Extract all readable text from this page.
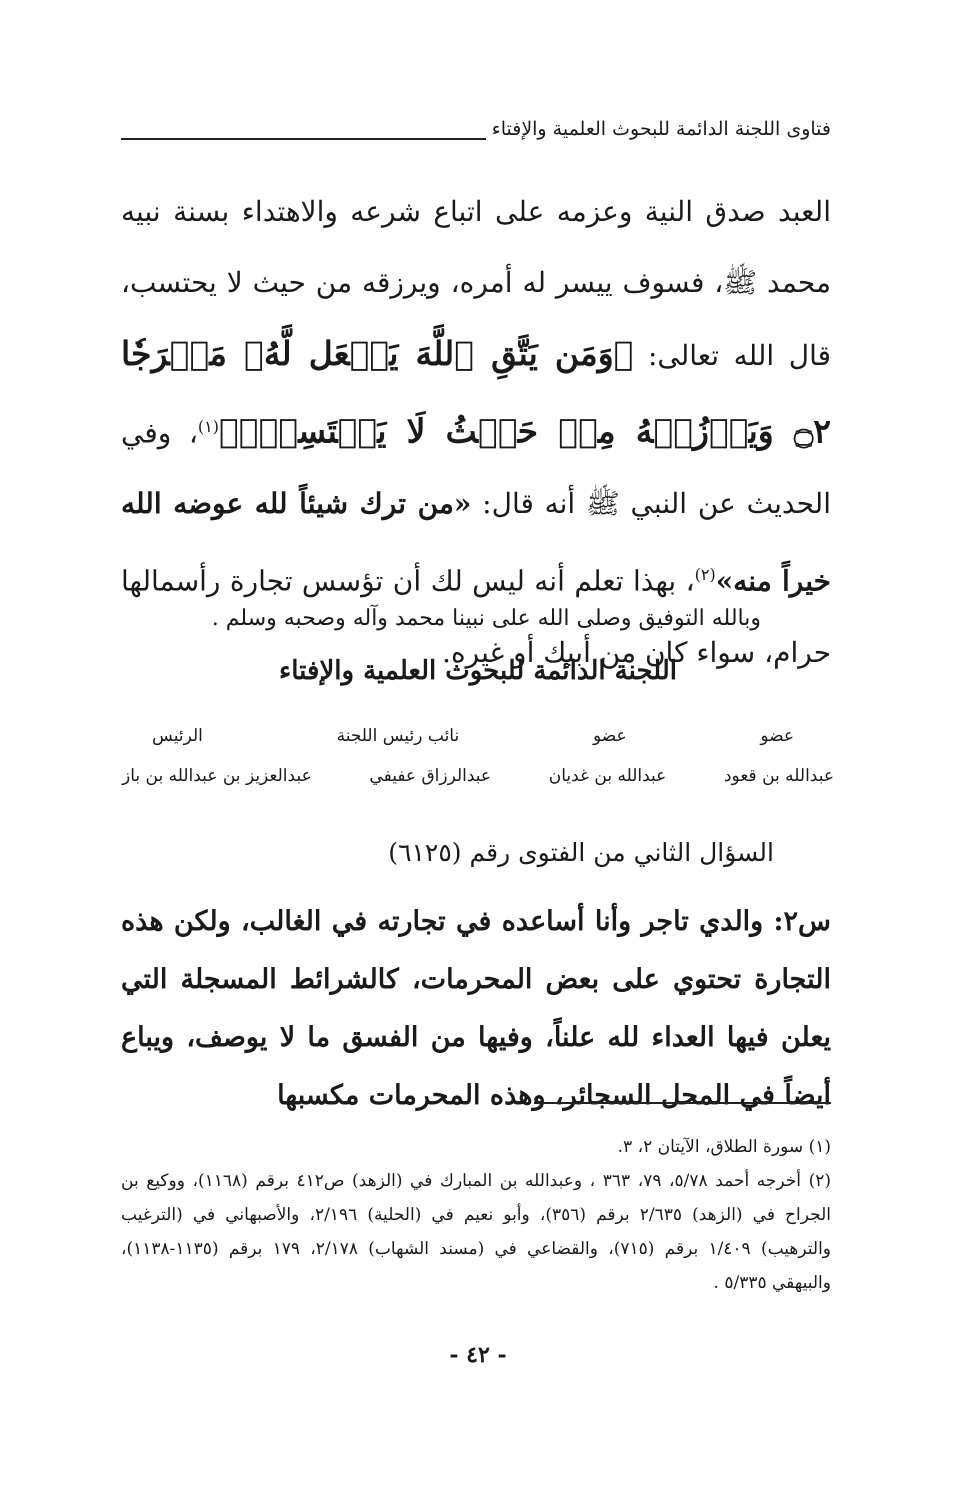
فتاوى اللجنة الدائمة للبحوث العلمية والإفتاء

العبد صدق النية وعزمه على اتباع شرعه والاهتداء بسنة نبيه محمد ﷺ، فسوف ييسر له أمره، ويرزقه من حيث لا يحتسب، قال الله تعالى: ﴿وَمَن يَتَّقِ ٱللَّهَ يَجۡعَل لَّهُۥ مَخۡرَجٗا ۝٢ وَيَرۡزُقۡهُ مِنۡ حَيۡثُ لَا يَحۡتَسِبُۚ﴾$^{(١)}$، وفي الحديث عن النبي ﷺ أنه قال: «من ترك شيئاً لله عوضه الله خيراً منه»$^{(٢)}$، بهذا تعلم أنه ليس لك أن تؤسس تجارة رأسمالها حرام، سواء كان من أبيك أو غيره.

وبالله التوفيق وصلى الله على نبينا محمد وآله وصحبه وسلم .
اللجنة الدائمة للبحوث العلمية والإفتاء
عضو
عضو
نائب رئيس اللجنة
الرئيس
عبدالله بن قعود
عبدالله بن غديان
عبدالرزاق عفيفي
عبدالعزيز بن عبدالله بن باز
السؤال الثاني من الفتوى رقم (٦١٢٥)

س٢: والدي تاجر وأنا أساعده في تجارته في الغالب، ولكن هذه التجارة تحتوي على بعض المحرمات، كالشرائط المسجلة التي يعلن فيها العداء لله علناً، وفيها من الفسق ما لا يوصف، ويباع أيضاً في المحل السجائر، وهذه المحرمات مكسبها

(١) سورة الطلاق، الآيتان ٢، ٣.

(٢) أخرجه أحمد ٥/٧٨، ٧٩، ٣٦٣ ، وعبدالله بن المبارك في (الزهد) ص٤١٢ برقم (١١٦٨)، ووكيع بن الجراح في (الزهد) ٢/٦٣٥ برقم (٣٥٦)، وأبو نعيم في (الحلية) ٢/١٩٦، والأصبهاني في (الترغيب والترهيب) ١/٤٠٩ برقم (٧١٥)، والقضاعي في (مسند الشهاب) ٢/١٧٨، ١٧٩ برقم (١١٣٥-١١٣٨)، والبيهقي ٥/٣٣٥ .

- ٤٢ -
